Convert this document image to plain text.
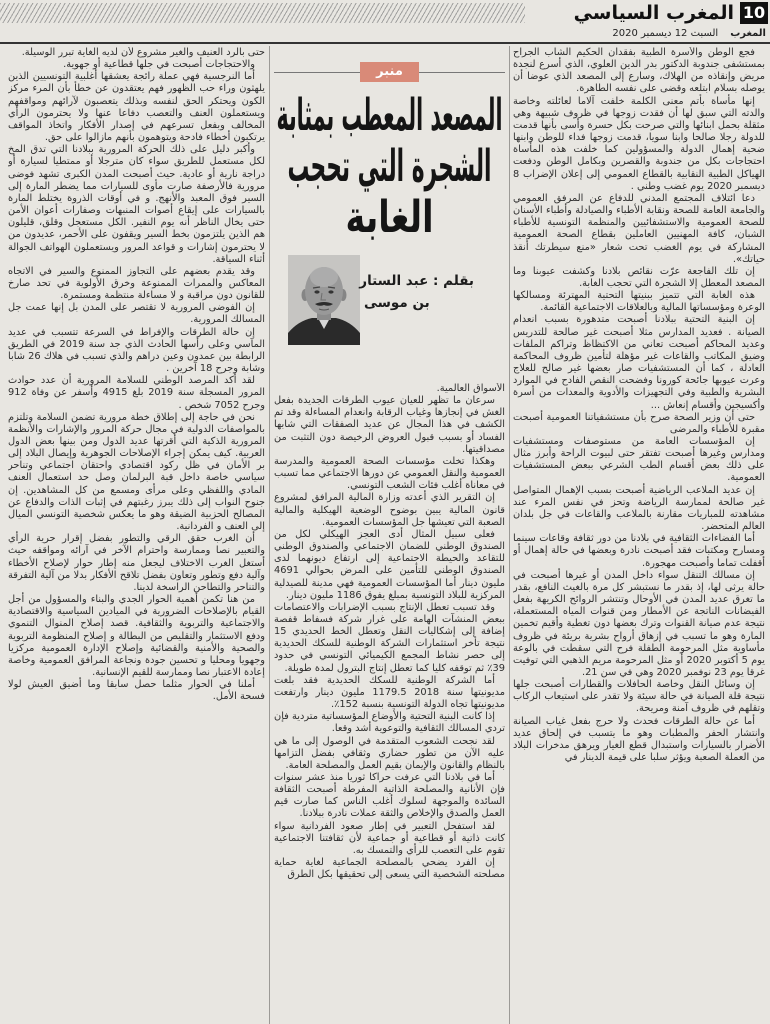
10
المغرب السياسي
المغرب
السبت 12 ديسمبر 2020

فجع الوطن والأسرة الطبية بفقدان الحكيم الشاب الجراح بمستشفى جندوبة الدكتور بدر الدين العلوي، الذي أسرع لنجدة مريض وإنقاذه من الهلاك، وسارع إلى المصعد الذي عوضا أن يوصله بسلام ابتلعه وقضى على نفسه الطاهرة.

إنها مأساة بأتم معنى الكلمة خلفت آلاما لعائلته وخاصة والدته التي سبق لها أن فقدت زوجها في ظروف شبيهة وهي مثقلة بحمل ابنائها والتي صرحت بكل حسرة وأسى بأنها قدمت للدولة رجلا صالحا وابنا سويا، قدمت زوجها فداء للوطن وابنها ضحية إهمال الدولة والمسؤولين كما خلفت هذه المأساة احتجاجات بكل من جندوبة والقصرين وبكامل الوطن ودفعت الهياكل الطبية النقابية بالقطاع العمومي إلى إعلان الإضراب 8 ديسمبر 2020 يوم غضب وطني .

دعا ائتلاف المجتمع المدني للدفاع عن المرفق العمومي والجامعة العامة للصحة ونقابة الأطباء والصيادلة وأطباء الأسنان للصحة العمومية والاستشفائيين والمنظمة التونسية للأطباء الشبان، كافة المهنيين العاملين بقطاع الصحة العمومية المشاركة في يوم الغضب تحت شعار «منع سيطرتك أنقذ حياتك».

إن تلك الفاجعة عرّت نقائص بلادنا وكشفت عيوبنا وما المصعد المعطل إلا الشجرة التي تحجب الغابة.

هذه الغابة التي تتميز ببنيتها التحتية المهترئة ومسالكها الوعرة ومؤسساتها المالية وبالعلاقات الاجتماعية القائمة.

إن البنية التحتية ببلادنا أصبحت متدهورة بسبب انعدام الصيانة . فعديد المدارس مثلا أصبحت غير صالحة للتدريس وعديد المحاكم أصبحت تعاني من الاكتظاظ وتراكم الملفات وضيق المكاتب والقاعات غير مؤهلة لتأمين ظروف المحاكمة العادلة ، كما أن المستشفيات صار بعضها غير صالح للعلاج وعرت عيوبها جائحة كورونا وفضحت النقص الفادح في الموارد البشرية والطبية وفي التجهيزات والأدوية والمعدات من أسرة وأكسيجين وأقسام إنعاش ...

حتى أن وزير الصحة صرح بأن مستشفياتنا العمومية أصبحت مقبرة للأطباء والمرضى

إن المؤسسات العامة من مستوصفات ومستشفيات ومدارس وغيرها أصبحت تفتقر حتى لبيوت الراحة وأبرز مثال على ذلك بعض أقسام الطب الشرعي ببعض المستشفيات العمومية.

إن عديد الملاعب الرياضية أصبحت بسبب الإهمال المتواصل غير صالحة لممارسة الرياضة وتحز في نفس المرء عند مشاهدته للمباريات مقارنة بالملاعب والقاعات في جل بلدان العالم المتحضر.

أما الفضاءات الثقافية في بلادنا من دور ثقافة وقاعات سينما ومسارح ومكتبات فقد أصبحت نادرة وبعضها في حالة إهمال أو أقفلت تماما وأصبحت مهجورة.

إن مسالك التنقل سواء داخل المدن أو غيرها أصبحت في حالة يرثى لها، إذ بقدر ما نستبشر كل مرة بالغيث النافع، بقدر ما تغرق عديد المدن في الأوحال وتنتشر الروائح الكريهة بفعل الفيضانات الناتجة عن الأمطار ومن قنوات المياه المستعملة، نتيجة عدم صيانة القنوات وترك بعضها دون تغطية وأقيم تخمين المارة وهو ما تسبب في إزهاق أرواح بشرية بريئة في ظروف مأساوية مثل المرحومة الطفلة فرح التي سقطت في بالوعة يوم 5 أكتوبر 2020 أو مثل المرحومة مريم الذهبي التي توفيت غرقا يوم 23 نوفمبر 2020 وهي في سن 21.

إن وسائل النقل وخاصة الحافلات والقطارات أصبحت جلها نتيجة قلة الصيانة في حالة سيئة ولا تقدر على استيعاب الركاب وتقلهم في ظروف آمنة ومريحة.

أما عن حالة الطرقات فحدث ولا حرج بفعل غياب الصيانة وانتشار الحفر والمطبات وهو ما يتسبب في إلحاق عديد الأضرار بالسيارات واستبدال قطع الغيار ويرهق مدخرات البلاد من العملة الصعبة ويؤثر سلبا على قيمة الدينار في

منبر
المصعد المعطب بمثابة
الشجرة التي تحجب
الغابة
بقلم : عبد الستار
بن موسى

الأسواق العالمية.

سرعان ما تظهر للعيان عيوب الطرقات الجديدة بفعل الغش في إنجازها وغياب الرقابة وانعدام المساءلة وقد تم الكشف في هذا المجال عن عديد الصفقات التي شابها الفساد أو بسبب قبول العروض الرخيصة دون التثبت من مصداقيتها.

وهكذا تخلت مؤسسات الصحة العمومية والمدرسة العمومية والنقل العمومي عن دورها الاجتماعي مما تسبب في معاناة أغلب فئات الشعب التونسي.

إن التقرير الذي أعدته وزارة المالية المرافق لمشروع قانون المالية يبين بوضوح الوضعية الهيكلية والمالية الصعبة التي تعيشها جل المؤسسات العمومية.

فعلى سبيل المثال أدى العجز الهيكلي لكل من الصندوق الوطني للضمان الاجتماعي والصندوق الوطني للتقاعد والحيطة الاجتماعية إلى ارتفاع ديونهما لدى الصندوق الوطني للتأمين على المرض بحوالي 4691 مليون دينار أما المؤسسات العمومية فهي مدينة للصيدلية المركزية للبلاد التونسية بمبلغ يفوق 1186 مليون دينار.

وقد تسبب تعطل الإنتاج بسبب الإضرابات والاعتصامات ببعض المنشآت الهامة على غرار شركة فسفاط قفصة إضافة إلى إشكاليات النقل وتعطل الخط الحديدي 15 نتيجة تأخر استثمارات الشركة الوطنية للسكك الحديدية إلى حصر نشاط المجمع الكيميائي التونسي في حدود 39٪ ثم توقفه كليا كما تعطل إنتاج البترول لمدة طويلة.

أما الشركة الوطنية للسكك الحديدية فقد بلغت مديونيتها سنة 2018 1179.5 مليون دينار وارتفعت مديونيتها تجاه الدولة التونسية بنسبة 152٪.

إذا كانت البنية التحتية والأوضاع المؤسساتية متردية فإن تردي المسالك الثقافية والتوعوية أشد وقعا.

لقد نجحت الشعوب المتقدمة في الوصول إلى ما هي عليه الآن من تطور حضاري وثقافي بفضل التزامها بالنظام والقانون والإيمان بقيم العمل والمصلحة العامة.

أما في بلادنا التي عرفت حراكا ثوريا منذ عشر سنوات فإن الأنانية والمصلحة الذاتية المفرطة أصبحت الثقافة السائدة والموجهة لسلوك أغلب الناس كما صارت قيم العمل والصدق والإخلاص والثقة عملات نادرة ببلادنا.

لقد استفحل التعبير في إطار صعود الفردانية سواء كانت ذاتية أو قطاعية أو جماعية لأن ثقافتنا الاجتماعية تقوم على التعصب للرأي والتمسك به.

إن الفرد يضحي بالمصلحة الجماعية لغاية حماية مصلحته الشخصية التي يسعى إلى تحقيقها بكل الطرق

حتى بالرد العنيف والغير مشروع لأن لديه الغاية تبرر الوسيلة.

والاحتجاجات أصبحت في جلها قطاعية أو جهوية.

أما النرجسية فهي عملة رائجة يعشقها أغلبية التونسيين الذين يلهثون وراء حب الظهور فهم يعتقدون عن خطأ بأن المرء مركز الكون ويحتكر الحق لنفسه وبذلك يتعصبون لآرائهم ومواقفهم ويستعملون العنف والتعصب دفاعا عنها ولا يحترمون الرأي المخالف وبفعل تسرعهم في إصدار الأفكار واتخاذ المواقف يرتكبون أخطاء فادحة ويتوهمون بأنهم مازالوا على حق.

وأكبر دليل على ذلك الحركة المرورية ببلادنا التي تدق المخ لكل مستعمل للطريق سواء كان مترجلا أو ممتطيا لسيارة أو دراجة نارية أو عادية. حيث أصبحت المدن الكبرى تشهد فوضى مرورية فالأرصفة صارت مأوى للسيارات مما يضطر المارة إلى السير فوق المعبد والأنهج. و في أوقات الذروة يختلط المارة بالسيارات على إيقاع أصوات المنبهات وصفارات أعوان الأمن حتى يخال الناظر أنه يوم النفير. الكل مستعجل وقلق، قليلون هم الذين يلتزمون بخط السير ويقفون على الأحمر، عديدون من لا يحترمون إشارات و قواعد المرور ويستعملون الهواتف الجوالة أثناء السياقة.

وقد يقدم بعضهم على التجاوز الممنوع والسير في الاتجاه المعاكس والممرات الممنوعة وخرق الأولوية في تحد صارخ للقانون دون مراقبة و لا مساءلة منتظمة ومستمرة.

إن الفوضى المرورية لا تقتصر على المدن بل إنها عمت جل المسالك المرورية.

إن حالة الطرقات والإفراط في السرعة تتسبب في عديد المآسي وعلى رأسها الحادث الذي جد سنة 2019 في الطريق الرابطة بين عمدون وعين دراهم والذي تسبب في هلاك 26 شابا وشابة وجرح 18 آخرين .

لقد أكد المرصد الوطني للسلامة المرورية أن عدد حوادث المرور المسجلة سنة 2019 بلغ 4915 وأسفر عن وفاة 912 وجرح 7052 شخص .

نحن في حاجة إلى إطلاق خطة مرورية تضمن السلامة وتلتزم بالمواصفات الدولية في مجال حركة المرور والإشارات والأنظمة المرورية الذكية التي أقرتها عديد الدول ومن بينها بعض الدول العربية. كيف يمكن إجراء الإصلاحات الجوهرية وإيصال البلاد إلى بر الأمان في ظل ركود اقتصادي واحتقان اجتماعي وتناحر سياسي خاصة داخل قبة البرلمان وصل حد استعمال العنف المادي واللفظي وعلى مرأى ومسمع من كل المشاهدين. إن جنوح النواب إلى ذلك يبرز رغبتهم في إثبات الذات والدفاع عن المصالح الحزبية الضيقة وهو ما يعكس شخصية التونسي الميال إلى العنف و الفردانية.

أن الغرب حقق الرقي والتطور بفضل إقرار حرية الرأي والتعبير نصا وممارسة واحترام الآخر في آرائه ومواقفه حيث أستغل الغرب الاختلاف ليجعل منه إطار حوار لإصلاح الأخطاء وآلية دفع وتطور وتعاون بفضل تلاقح الأفكار بدلا من آلية التفرقة والتناحر والتطاحن الراسخة لدينا.

من هنا تكمن أهمية الحوار الجدي والبناء والمسؤول من أجل القيام بالإصلاحات الضرورية في الميادين السياسية والاقتصادية والاجتماعية والتربوية والثقافية. قصد إصلاح المنوال التنموي ودفع الاستثمار والتقليص من البطالة و إصلاح المنظومة التربوية والصحية والأمنية والقضائية وإصلاح الإدارة العمومية مركزيا وجهويا ومحليا و تحسين جودة ونجاعة المرافق العمومية وخاصة إعادة الاعتبار نصا وممارسة للقيم الإنسانية.

أملنا في الحوار مثلما حصل سابقا وما أضيق العيش لولا فسحة الأمل.
